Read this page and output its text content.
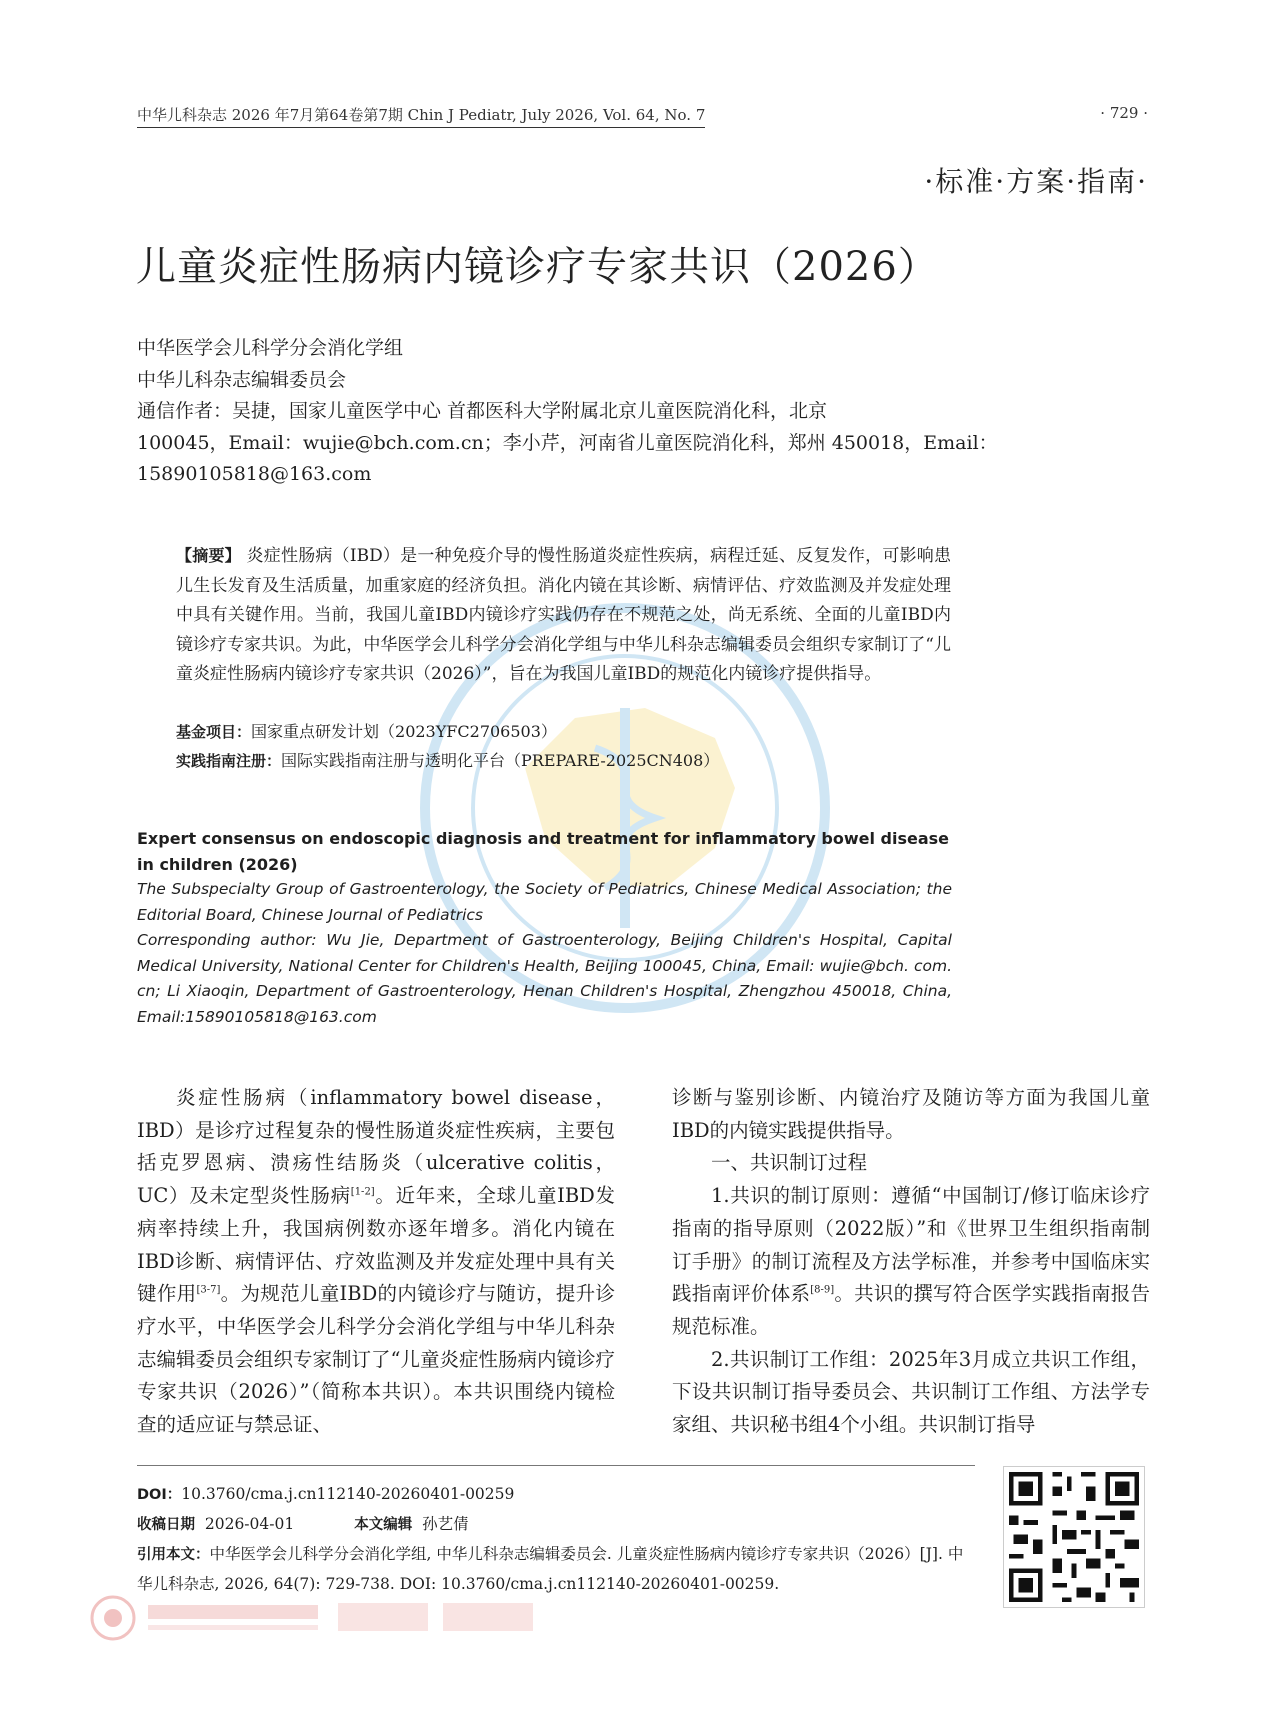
中华儿科杂志 2026 年7月第64卷第7期 Chin J Pediatr, July 2026, Vol. 64, No. 7	· 729 ·
·标准·方案·指南·
儿童炎症性肠病内镜诊疗专家共识（2026）
中华医学会儿科学分会消化学组
中华儿科杂志编辑委员会
通信作者：吴捷，国家儿童医学中心 首都医科大学附属北京儿童医院消化科，北京
100045，Email：wujie@bch.com.cn；李小芹，河南省儿童医院消化科，郑州 450018，Email：
15890105818@163.com
【摘要】 炎症性肠病（IBD）是一种免疫介导的慢性肠道炎症性疾病，病程迁延、反复发作，可影响患儿生长发育及生活质量，加重家庭的经济负担。消化内镜在其诊断、病情评估、疗效监测及并发症处理中具有关键作用。当前，我国儿童IBD内镜诊疗实践仍存在不规范之处，尚无系统、全面的儿童IBD内镜诊疗专家共识。为此，中华医学会儿科学分会消化学组与中华儿科杂志编辑委员会组织专家制订了“儿童炎症性肠病内镜诊疗专家共识（2026）”，旨在为我国儿童IBD的规范化内镜诊疗提供指导。
基金项目：国家重点研发计划（2023YFC2706503）
实践指南注册：国际实践指南注册与透明化平台（PREPARE-2025CN408）
Expert consensus on endoscopic diagnosis and treatment for inflammatory bowel disease in children (2026)
The Subspecialty Group of Gastroenterology, the Society of Pediatrics, Chinese Medical Association; the Editorial Board, Chinese Journal of Pediatrics
Corresponding author: Wu Jie, Department of Gastroenterology, Beijing Children's Hospital, Capital Medical University, National Center for Children's Health, Beijing 100045, China, Email: wujie@bch. com. cn; Li Xiaoqin, Department of Gastroenterology, Henan Children's Hospital, Zhengzhou 450018, China, Email:15890105818@163.com

炎症性肠病（inflammatory bowel disease，IBD）是诊疗过程复杂的慢性肠道炎症性疾病，主要包括克罗恩病、溃疡性结肠炎（ulcerative colitis，UC）及未定型炎性肠病[1-2]。近年来，全球儿童IBD发病率持续上升，我国病例数亦逐年增多。消化内镜在IBD诊断、病情评估、疗效监测及并发症处理中具有关键作用[3-7]。为规范儿童IBD的内镜诊疗与随访，提升诊疗水平，中华医学会儿科学分会消化学组与中华儿科杂志编辑委员会组织专家制订了“儿童炎症性肠病内镜诊疗专家共识（2026）”（简称本共识）。本共识围绕内镜检查的适应证与禁忌证、

诊断与鉴别诊断、内镜治疗及随访等方面为我国儿童IBD的内镜实践提供指导。

一、共识制订过程

1.共识的制订原则：遵循“中国制订/修订临床诊疗指南的指导原则（2022版）”和《世界卫生组织指南制订手册》的制订流程及方法学标准，并参考中国临床实践指南评价体系[8-9]。共识的撰写符合医学实践指南报告规范标准。

2.共识制订工作组：2025年3月成立共识工作组，下设共识制订指导委员会、共识制订工作组、方法学专家组、共识秘书组4个小组。共识制订指导

DOI：10.3760/cma.j.cn112140-20260401-00259
收稿日期 2026-04-01	本文编辑 孙艺倩
引用本文：中华医学会儿科学分会消化学组, 中华儿科杂志编辑委员会. 儿童炎症性肠病内镜诊疗专家共识（2026）[J]. 中华儿科杂志, 2026, 64(7): 729-738. DOI: 10.3760/cma.j.cn112140-20260401-00259.
